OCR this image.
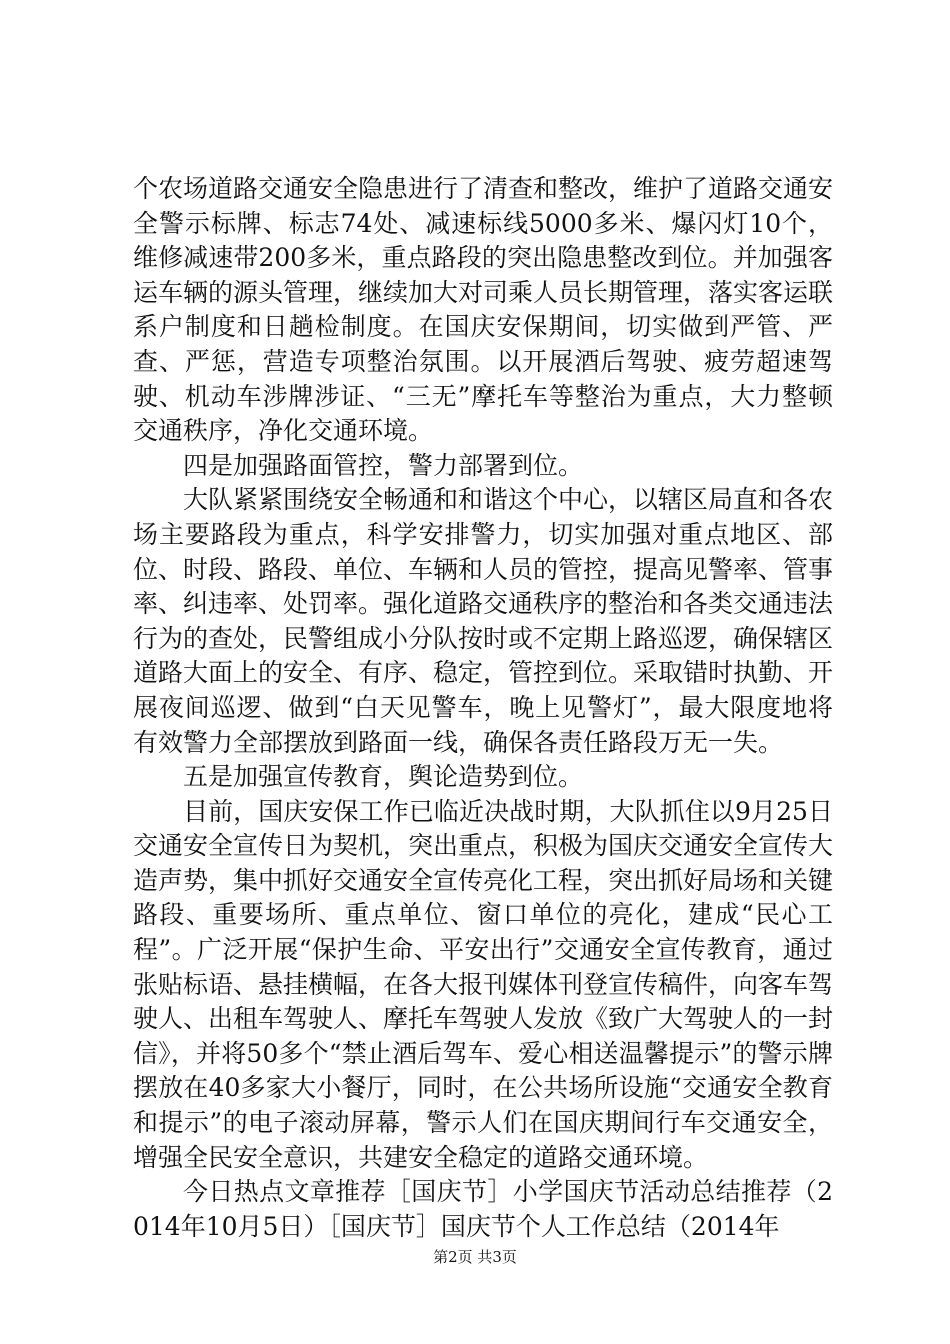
个农场道路交通安全隐患进行了清查和整改，维护了道路交通安全警示标牌、标志74处、减速标线5000多米、爆闪灯10个，维修减速带200多米，重点路段的突出隐患整改到位。并加强客运车辆的源头管理，继续加大对司乘人员长期管理，落实客运联系户制度和日趟检制度。在国庆安保期间，切实做到严管、严查、严惩，营造专项整治氛围。以开展酒后驾驶、疲劳超速驾驶、机动车涉牌涉证、“三无”摩托车等整治为重点，大力整顿交通秩序，净化交通环境。

四是加强路面管控，警力部署到位。

大队紧紧围绕安全畅通和和谐这个中心，以辖区局直和各农场主要路段为重点，科学安排警力，切实加强对重点地区、部位、时段、路段、单位、车辆和人员的管控，提高见警率、管事率、纠违率、处罚率。强化道路交通秩序的整治和各类交通违法行为的查处，民警组成小分队按时或不定期上路巡逻，确保辖区道路大面上的安全、有序、稳定，管控到位。采取错时执勤、开展夜间巡逻、做到“白天见警车，晚上见警灯”，最大限度地将有效警力全部摆放到路面一线，确保各责任路段万无一失。

五是加强宣传教育，舆论造势到位。

目前，国庆安保工作已临近决战时期，大队抓住以9月25日交通安全宣传日为契机，突出重点，积极为国庆交通安全宣传大造声势，集中抓好交通安全宣传亮化工程，突出抓好局场和关键路段、重要场所、重点单位、窗口单位的亮化，建成“民心工程”。广泛开展“保护生命、平安出行”交通安全宣传教育，通过张贴标语、悬挂横幅，在各大报刊媒体刊登宣传稿件，向客车驾驶人、出租车驾驶人、摩托车驾驶人发放《致广大驾驶人的一封信》，并将50多个“禁止酒后驾车、爱心相送温馨提示”的警示牌摆放在40多家大小餐厅，同时，在公共场所设施“交通安全教育和提示”的电子滚动屏幕，警示人们在国庆期间行车交通安全，增强全民安全意识，共建安全稳定的道路交通环境。

今日热点文章推荐［国庆节］小学国庆节活动总结推荐（2014年10月5日）［国庆节］国庆节个人工作总结（2014年

第2页 共3页
